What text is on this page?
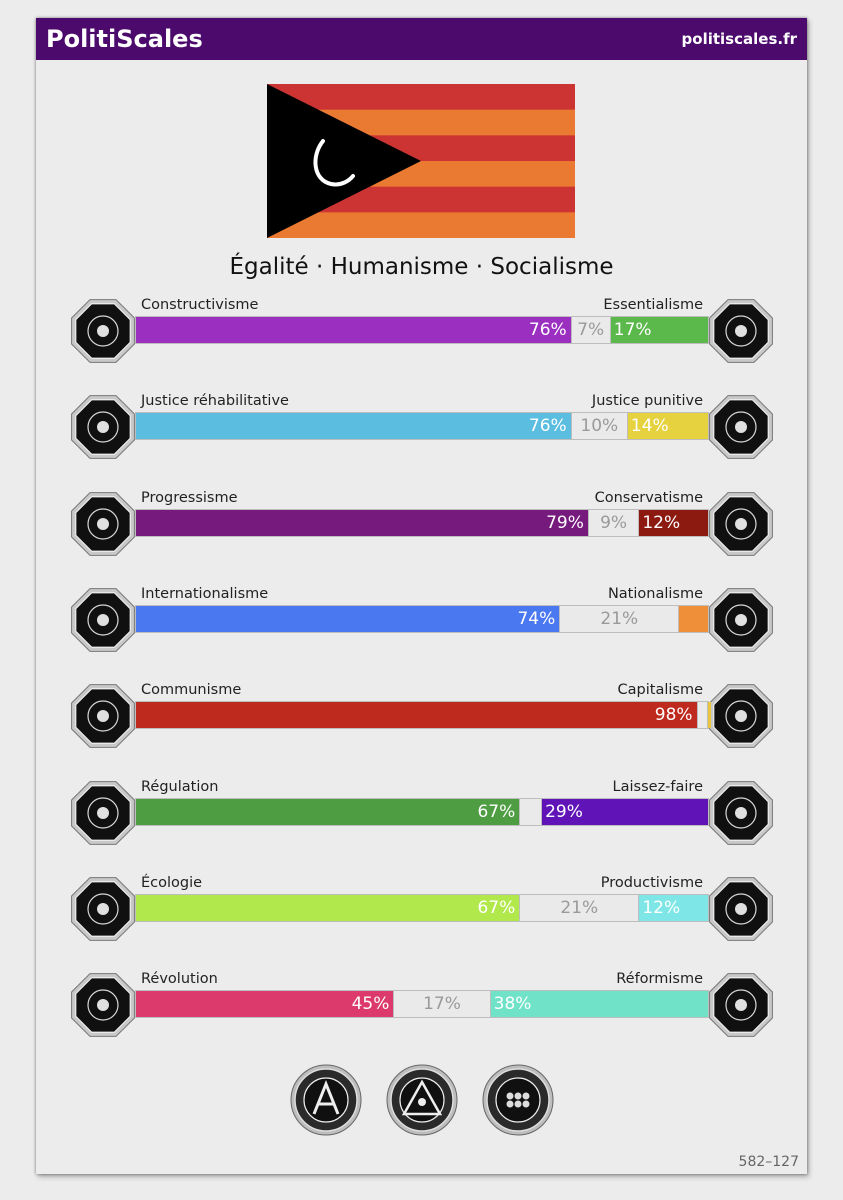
PolitiScales	politiscales.fr
Égalité · Humanisme · Socialisme
Constructivisme	Essentialisme
76% 7% 17%
Justice réhabilitative	Justice punitive
76% 10% 14%
Progressisme	Conservatisme
79% 9% 12%
Internationalisme	Nationalisme
74%	21%
Communisme	Capitalisme
98%
Régulation	Laissez-faire
67% 29%
Écologie	Productivisme
67%	21%	12%
Révolution	Réformisme
45%	17%	38%
582–127
